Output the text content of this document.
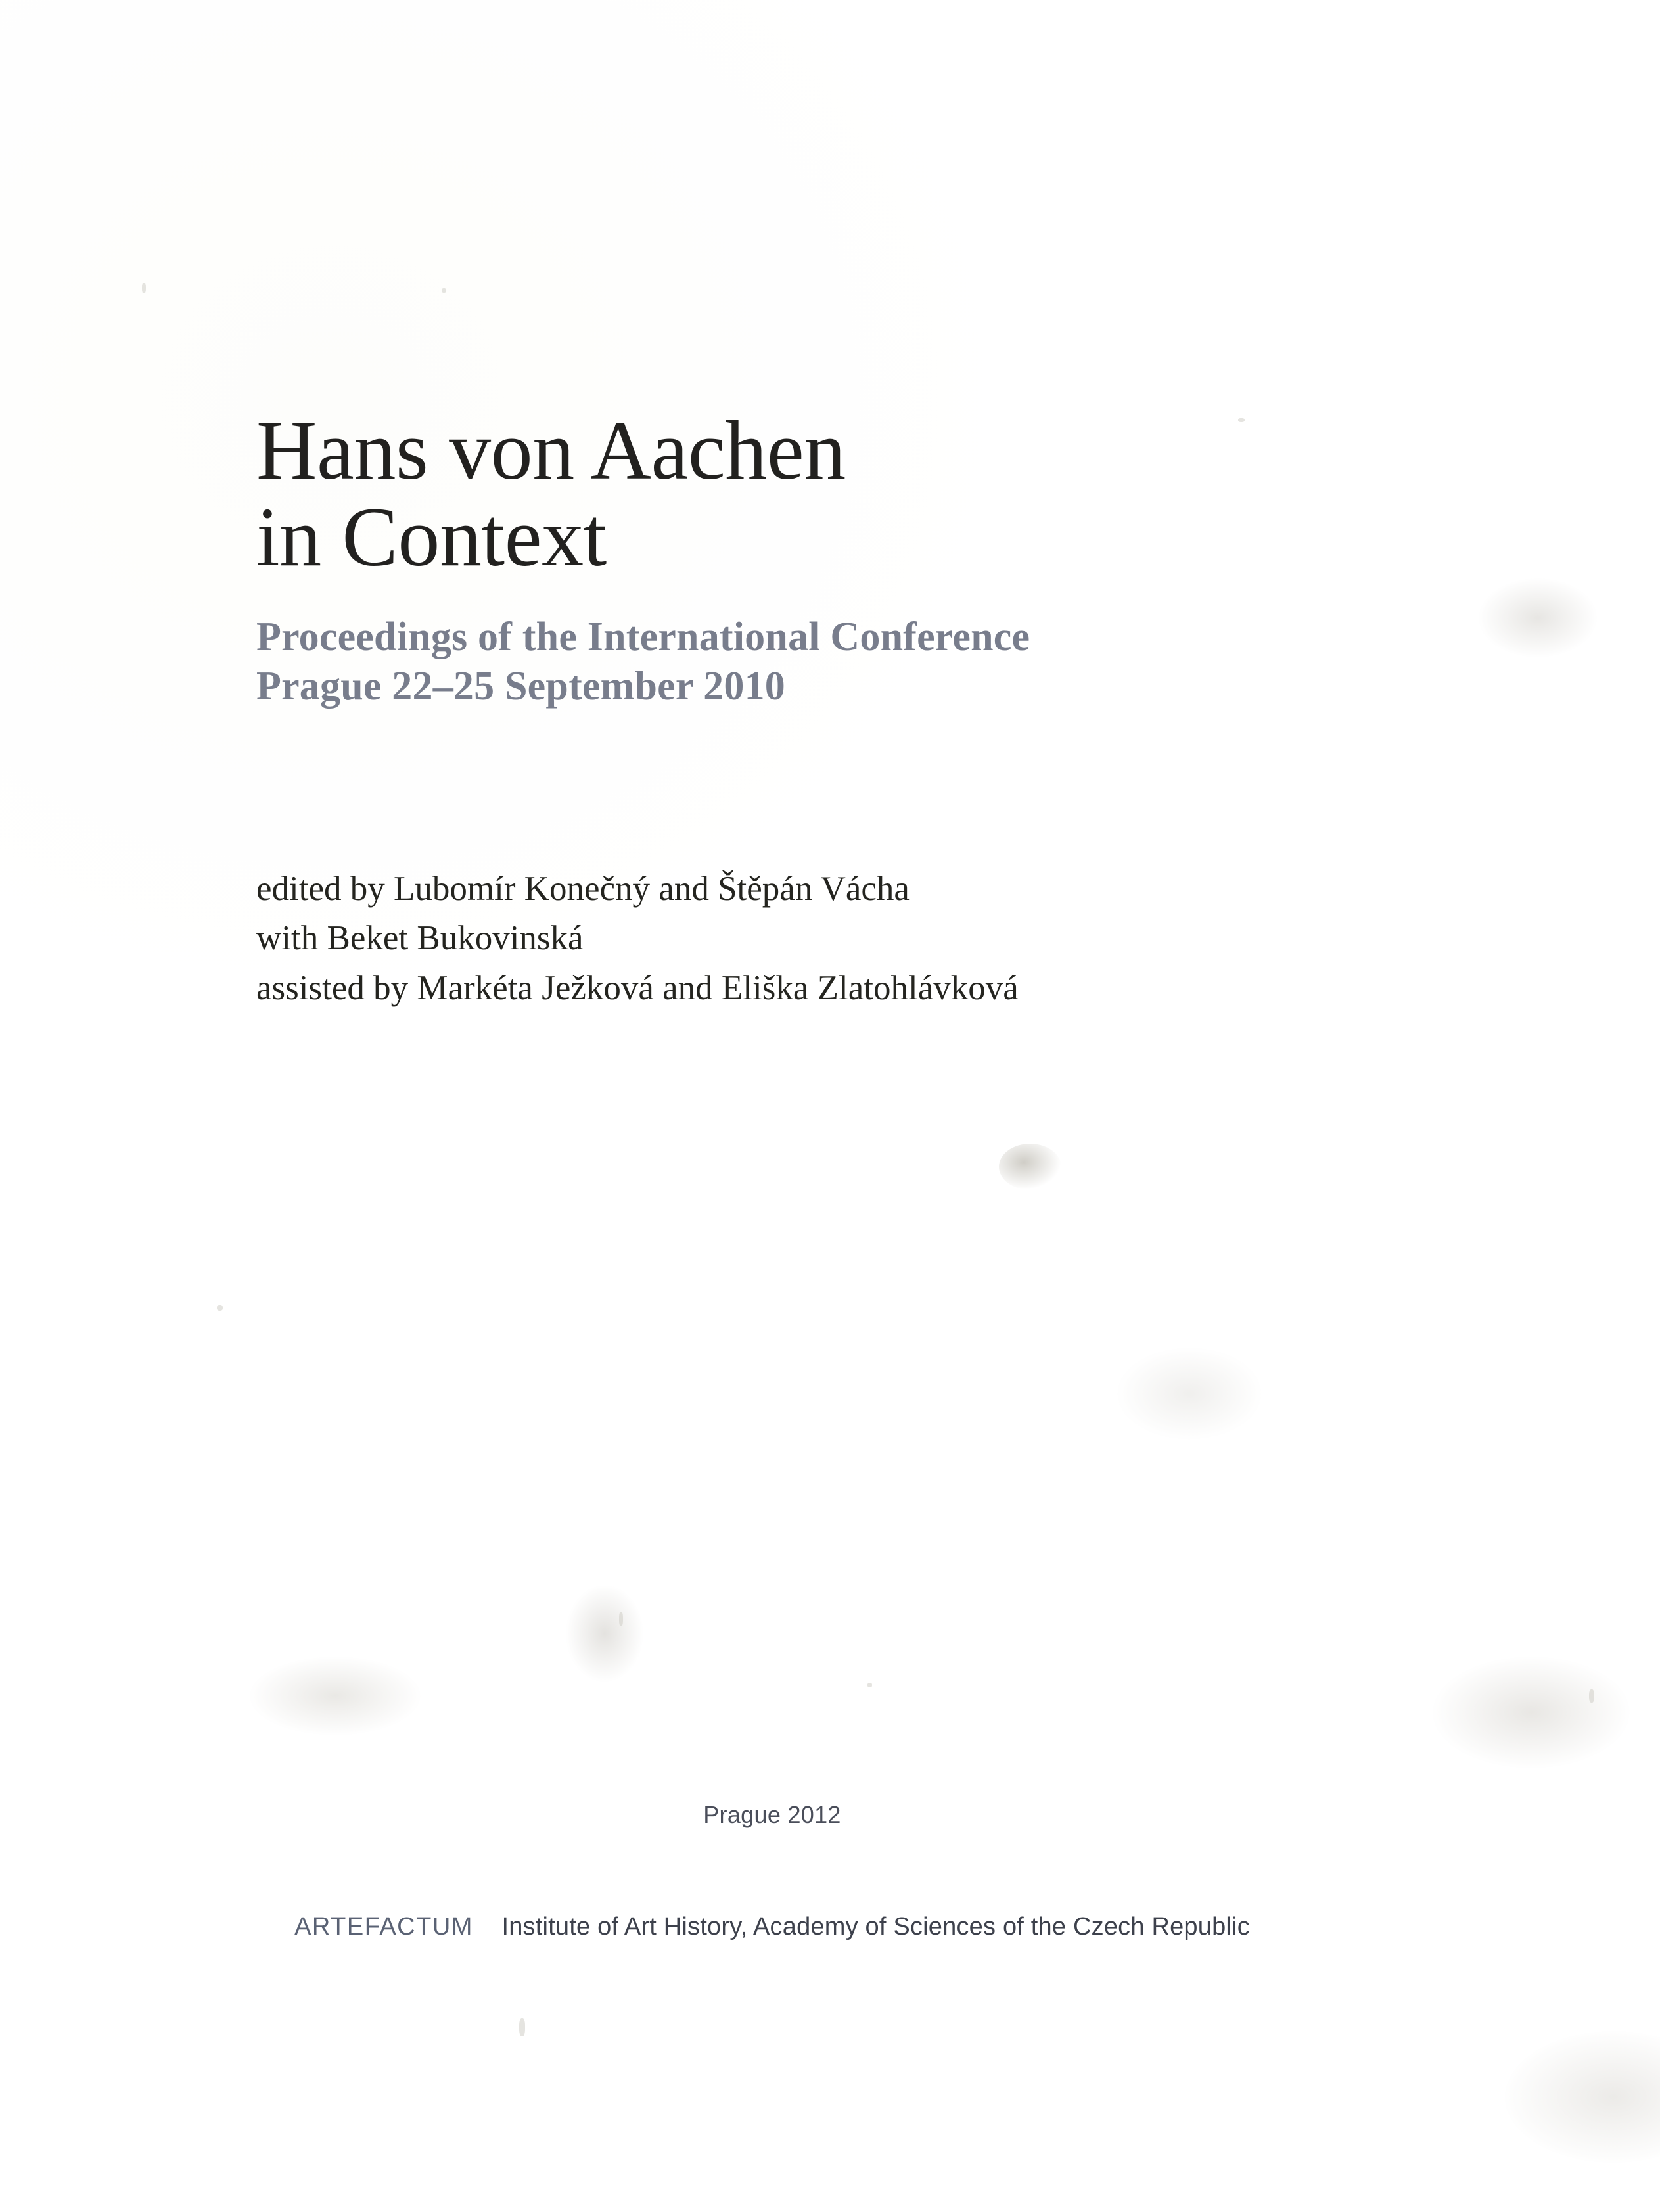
Hans von Aachen
in Context
Proceedings of the International Conference
Prague 22–25 September 2010
edited by Lubomír Konečný and Štěpán Vácha
with Beket Bukovinská
assisted by Markéta Ježková and Eliška Zlatohlávková
Prague 2012
ARTEFACTUM Institute of Art History, Academy of Sciences of the Czech Republic
